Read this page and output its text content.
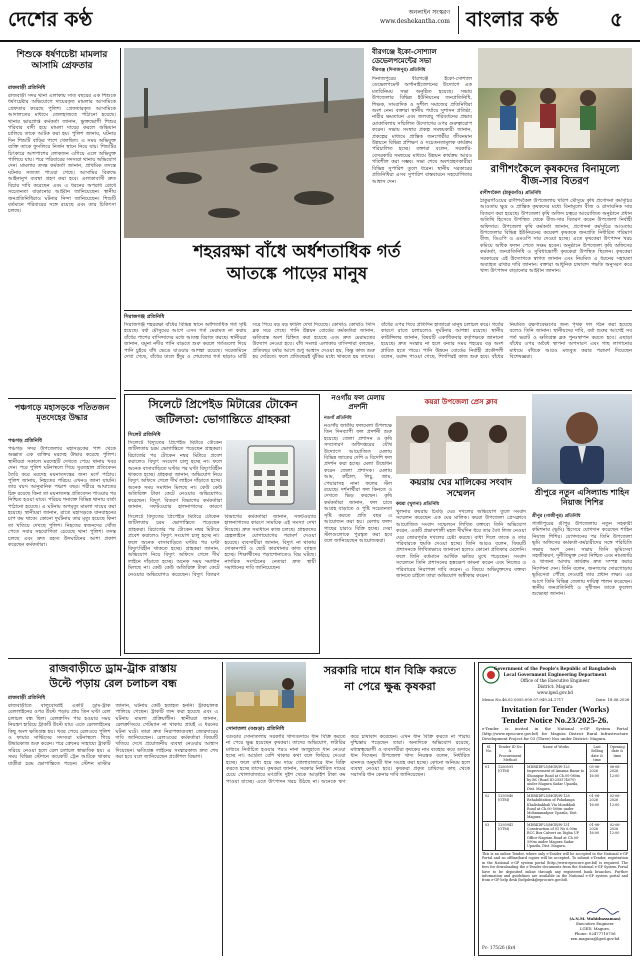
দেশের কণ্ঠ	অনলাইন সংস্করণ
www.deshekantha.com বাংলার কণ্ঠ	৫
শিশুকে ধর্ষণচেষ্টা মামলার আসামি গ্রেফতার
রাজবাড়ী প্রতিনিধি
রাজবাড়ী সদর থানা এলাকায় সাত বছরের এক শিশুকে ধর্ষণচেষ্টার অভিযোগে দায়েরকৃত মামলার আসামিকে গ্রেফতার করেছে পুলিশ। গ্রেফতারকৃত আসামিকে আদালতের মাধ্যমে জেলহাজতে পাঠানো হয়েছে। থানার ভারপ্রাপ্ত কর্মকর্তা জানান, ভুক্তভোগী শিশুর পরিবার বাদী হয়ে মামলা দায়ের করলে অভিযান চালিয়ে তাকে আটক করা হয়। পুলিশ জানায়, ঘটনার দিন শিশুটি বাড়ির পাশে খেলছিল। এ সময় অভিযুক্ত ব্যক্তি তাকে ফুসলিয়ে নির্জন স্থানে নিয়ে যায়। শিশুটির চিৎকারে আশপাশের লোকজন এগিয়ে এলে অভিযুক্ত পালিয়ে যায়। পরে পরিবারের সদস্যরা থানায় অভিযোগ দেন। মামলার তদন্ত কর্মকর্তা জানান, প্রাথমিক তদন্তে ঘটনার সত্যতা পাওয়া গেছে। আসামির বিরুদ্ধে আইনানুগ ব্যবস্থা গ্রহণ করা হবে। এলাকাবাসী দ্রুত বিচার দাবি করেছেন এবং এ ধরনের অপরাধ রোধে সচেতনতা বাড়ানোর আহ্বান জানিয়েছেন। স্থানীয় জনপ্রতিনিধিরাও ঘটনার নিন্দা জানিয়েছেন। শিশুটি বর্তমানে পরিবারের সঙ্গে রয়েছে এবং তার চিকিৎসা চলছে।
পঞ্চগড়ে মহাসড়কে পতিতজন মৃতদেহের উদ্ধার
পঞ্চগড় প্রতিনিধি
পঞ্চগড় সদর উপজেলার মহাসড়কের পাশ থেকে অজ্ঞাত এক ব্যক্তির মরদেহ উদ্ধার করেছে পুলিশ। স্থানীয়রা সকালে মরদেহটি দেখতে পেয়ে থানায় খবর দেন। পরে পুলিশ ঘটনাস্থলে গিয়ে সুরতহাল প্রতিবেদন তৈরি করে মরদেহ ময়নাতদন্তের জন্য মর্গে পাঠায়। পুলিশ জানায়, নিহতের পরিচয় এখনও জানা যায়নি। তার বয়স আনুমানিক পঞ্চাশ বছর। শরীরে আঘাতের চিহ্ন রয়েছে কিনা তা ময়নাতদন্ত প্রতিবেদন পাওয়ার পর নিশ্চিত হওয়া যাবে। পরিচয় শনাক্তে বিভিন্ন থানায় বার্তা পাঠানো হয়েছে। এ ঘটনায় অপমৃত্যু মামলা দায়ের করা হয়েছে। স্থানীয়রা জানান, রাতে মহাসড়কে যানবাহনের চাপ কম থাকে। কোনো দুর্ঘটনায় তার মৃত্যু হয়েছে কিনা তা খতিয়ে দেখছে পুলিশ। নিহতের স্বজনদের খোঁজ পেতে সবার সহযোগিতা চেয়েছে থানা পুলিশ। তদন্ত চলছে এবং দ্রুত রহস্য উদঘাটনের আশা প্রকাশ করেছেন কর্মকর্তারা।
বীরগঞ্জে ইকো-সোশ্যাল ডেভেলপমেন্টের সভা
বীরগঞ্জ (দিনাজপুর) প্রতিনিধি
দিনাজপুরের বীরগঞ্জে ইকো-সোশ্যাল ডেভেলপমেন্ট অর্গানাইজেশনের উদ্যোগে এক মতবিনিময় সভা অনুষ্ঠিত হয়েছে। সভায় উপজেলার বিভিন্ন ইউনিয়নের জনপ্রতিনিধি, শিক্ষক, সাংবাদিক ও সুশীল সমাজের প্রতিনিধিরা অংশ নেন। বক্তারা স্থানীয় পর্যায়ে সুশাসন প্রতিষ্ঠা, নারীর ক্ষমতায়ন এবং জলবায়ু পরিবর্তনের প্রভাব মোকাবিলায় সম্মিলিত উদ্যোগের ওপর গুরুত্বারোপ করেন। সভায় সংস্থার প্রকল্প সমন্বয়কারী জানান, প্রকল্পের মাধ্যমে প্রান্তিক জনগোষ্ঠীর জীবনমান উন্নয়নে বিভিন্ন প্রশিক্ষণ ও সচেতনতামূলক কার্যক্রম পরিচালিত হচ্ছে। বক্তারা বলেন, সরকারি-বেসরকারি সমন্বয়ের মাধ্যমে উন্নয়ন কার্যক্রম আরও গতিশীল করা সম্ভব। সভা শেষে অংশগ্রহণকারীরা বিভিন্ন সুপারিশ তুলে ধরেন। স্থানীয় সরকারের প্রতিনিধিরা এসব সুপারিশ বাস্তবায়নে সহযোগিতার আশ্বাস দেন।
রাণীশংকৈলে কৃষকদের বিনামূল্যে বীজ-সার বিতরণ
রাণীশংকৈল (ঠাকুরগাঁও) প্রতিনিধি
ঠাকুরগাঁওয়ের রাণীশংকৈল উপজেলায় খরিপ মৌসুমে কৃষি প্রণোদনা কর্মসূচির আওতায় ক্ষুদ্র ও প্রান্তিক কৃষকদের মধ্যে বিনামূল্যে বীজ ও রাসায়নিক সার বিতরণ করা হয়েছে। উপজেলা কৃষি অফিস চত্বরে আয়োজিত অনুষ্ঠানে প্রধান অতিথি হিসেবে উপস্থিত থেকে বীজ-সার বিতরণ করেন উপজেলা নির্বাহী অফিসার। উপজেলা কৃষি কর্মকর্তা জানান, প্রণোদনা কর্মসূচির আওতায় উপজেলার বিভিন্ন ইউনিয়নের কয়েকশ কৃষককে জনপ্রতি নির্ধারিত পরিমাণ বীজ, ডিএপি ও এমওপি সার দেওয়া হচ্ছে। এতে কৃষকেরা উৎপাদন খরচ কমিয়ে অধিক ফলন পেতে সক্ষম হবেন। অনুষ্ঠানে উপজেলা কৃষি অফিসের কর্মকর্তা, জনপ্রতিনিধি ও সুবিধাভোগী কৃষকেরা উপস্থিত ছিলেন। কৃষকেরা সরকারের এই উদ্যোগকে স্বাগত জানান এবং নিয়মিত এ ধরনের সহায়তা অব্যাহত রাখার দাবি জানান। বক্তারা আধুনিক চাষাবাদ পদ্ধতি অনুসরণ করে খাদ্য উৎপাদন বাড়ানোর আহ্বান জানান।
শহররক্ষা বাঁধে অর্ধশতাধিক গর্ত
আতঙ্কে পাড়ের মানুষ
সিরাজগঞ্জ প্রতিনিধি
সিরাজগঞ্জ শহররক্ষা বাঁধের বিভিন্ন স্থানে অর্ধশতাধিক গর্ত সৃষ্টি হয়েছে। বর্ষা মৌসুমের আগে এসব গর্ত মেরামত না করায় বাঁধের পাশের বাসিন্দাদের মধ্যে আতঙ্ক বিরাজ করছে। স্থানীয়রা জানান, যমুনা নদীর পানি বাড়তে শুরু করলে গর্তগুলো দিয়ে পানি চুইয়ে বাঁধ ভেঙে যাওয়ার আশঙ্কা রয়েছে। সরেজমিনে দেখা গেছে, বাঁধের ঢালে ইঁদুর ও শেয়ালের গর্ত ছাড়াও মাটি সরে গিয়ে বড় বড় ফাটল দেখা দিয়েছে। কোথাও কোথাও সিসি ব্লক সরে গেছে। পানি উন্নয়ন বোর্ডের কর্মকর্তারা জানান, ক্ষতিগ্রস্ত অংশ চিহ্নিত করা হয়েছে এবং দ্রুত মেরামতের উদ্যোগ নেওয়া হবে। বাঁধ সংলগ্ন এলাকার বাসিন্দারা বলছেন, প্রতিবছর বর্ষার আগে শুধু আশ্বাস দেওয়া হয়, কিন্তু কাজ শুরু হয় দেরিতে। ফলে প্রতিবছরই ঝুঁকির মধ্যে থাকতে হয় তাদের। বাঁধের ওপর দিয়ে প্রতিদিন হাজারো মানুষ চলাচল করে। গর্তের কারণে রাতে চলাচলেও দুর্ঘটনার আশঙ্কা রয়েছে। স্থানীয় কাউন্সিলর জানান, বিষয়টি একাধিকবার কর্তৃপক্ষকে জানানো হয়েছে। দ্রুত সংস্কার না হলে বন্যার সময় শহরের বড় অংশ প্লাবিত হতে পারে। পানি উন্নয়ন বোর্ডের নির্বাহী প্রকৌশলী বলেন, বরাদ্দ পাওয়া গেছে, শিগগিরই কাজ শুরু হবে। বাঁধের নিয়মিত রক্ষণাবেক্ষণের জন্য পৃথক দল গঠন করা হয়েছে বলেও তিনি জানান। স্থানীয়দের দাবি, বর্ষা শুরুর আগেই সব গর্ত ভরাট ও ক্ষতিগ্রস্ত ব্লক পুনঃস্থাপন করতে হবে। এছাড়া বাঁধের ওপর অবৈধ স্থাপনা অপসারণ এবং গাছ লাগানোর মাধ্যমে বাঁধকে আরও মজবুত করার পরামর্শ দিয়েছেন বিশেষজ্ঞরা।
সিলেটে প্রিপেইড মিটারের টোকেন
জটিলতা: ভোগান্তিতে গ্রাহকরা
সিলেট প্রতিনিধি
সিলেটে বিদ্যুতের প্রিপেইড মিটারে টোকেন জটিলতায় চরম ভোগান্তিতে পড়েছেন গ্রাহকরা। রিচার্জের পর টোকেন নম্বর মিটারে প্রবেশ করালেও বিদ্যুৎ সংযোগ চালু হচ্ছে না। ফলে অনেক বাসাবাড়িতে ঘণ্টার পর ঘণ্টা বিদ্যুৎবিহীন থাকতে হচ্ছে। গ্রাহকরা জানান, অভিযোগ নিয়ে বিদ্যুৎ অফিসে গেলে দীর্ঘ লাইনে দাঁড়াতে হচ্ছে। অনেক সময় সমাধান মিলছে না। কেউ কেউ অতিরিক্ত টাকা কেটে নেওয়ার অভিযোগও করেছেন। বিদ্যুৎ বিতরণ বিভাগের কর্মকর্তারা জানান, সফটওয়্যার হালনাগাদের কারণে
সিলেটে বিদ্যুতের প্রিপেইড মিটারে টোকেন জটিলতায় চরম ভোগান্তিতে পড়েছেন গ্রাহকরা। রিচার্জের পর টোকেন নম্বর মিটারে প্রবেশ করালেও বিদ্যুৎ সংযোগ চালু হচ্ছে না। ফলে অনেক বাসাবাড়িতে ঘণ্টার পর ঘণ্টা বিদ্যুৎবিহীন থাকতে হচ্ছে। গ্রাহকরা জানান, অভিযোগ নিয়ে বিদ্যুৎ অফিসে গেলে দীর্ঘ লাইনে দাঁড়াতে হচ্ছে। অনেক সময় সমাধান মিলছে না। কেউ কেউ অতিরিক্ত টাকা কেটে নেওয়ার অভিযোগও করেছেন। বিদ্যুৎ বিতরণ বিভাগের কর্মকর্তারা জানান, সফটওয়্যার হালনাগাদের কারণে সাময়িক এই সমস্যা দেখা দিয়েছে। দ্রুত সমাধানে কাজ চলছে। গ্রাহকদের হেল্পলাইনে যোগাযোগের পরামর্শ দেওয়া হয়েছে। ব্যবসায়ীরা জানান, বিদ্যুৎ না থাকায় দোকানপাট ও ছোট কারখানার কাজ ব্যাহত হচ্ছে। শিক্ষার্থীদের পড়াশোনাতেও বিঘ্ন ঘটছে। নাগরিক সংগঠনের নেতারা দ্রুত স্থায়ী সমাধানের দাবি জানিয়েছেন।
নওগাঁয় ফল মেলায় প্রদর্শনী
নওগাঁ প্রতিনিধি
নওগাঁয় জাতীয় ফলমেলা উপলক্ষে তিন দিনব্যাপী ফল প্রদর্শনী শুরু হয়েছে। জেলা প্রশাসন ও কৃষি সম্প্রসারণ অধিদপ্তরের যৌথ উদ্যোগে আয়োজিত মেলায় বিভিন্ন জাতের দেশি ও বিদেশি ফল প্রদর্শন করা হচ্ছে। মেলা উদ্বোধন করেন জেলা প্রশাসক। মেলায় আম, কাঁঠাল, লিচু, জাম, পেয়ারাসহ নানা ফলের স্টল রয়েছে। দর্শনার্থীরা ফল কিনতে ও দেখতে ভিড় করছেন। কৃষি কর্মকর্তারা জানান, ফল চাষে আগ্রহ বাড়াতে ও পুষ্টি সচেতনতা সৃষ্টি করতে প্রতি বছর এ আয়োজন করা হয়। মেলায় ফলদ গাছের চারাও বিক্রি হচ্ছে। সেরা স্টলগুলোকে পুরস্কৃত করা হবে বলে জানিয়েছেন আয়োজকরা।
কয়রা উপজেলা প্রেস ক্লাব
কয়রায় ঘের মালিকের সংবাদ সম্মেলন
কয়রা (খুলনা) প্রতিনিধি
খুলনার কয়রায় চিংড়ি ঘের দখলের অভিযোগ তুলে সংবাদ সম্মেলন করেছেন এক ঘের মালিক। কয়রা উপজেলা প্রেসক্লাবে আয়োজিত সংবাদ সম্মেলনে লিখিত বক্তব্যে তিনি অভিযোগ করেন, একটি প্রভাবশালী মহল দীর্ঘদিন ধরে তার বৈধ লিজ নেওয়া ঘের জোরপূর্বক দখলের চেষ্টা করছে। বাধা দিলে তাকে ও তার পরিবারকে হুমকি দেওয়া হচ্ছে। তিনি আরও বলেন, বিষয়টি প্রশাসনকে লিখিতভাবে জানানো হলেও কোনো প্রতিকার মেলেনি। ফলে তিনি বর্তমানে আর্থিক ক্ষতির মুখে পড়েছেন। সংবাদ সম্মেলনে তিনি প্রশাসনের হস্তক্ষেপ কামনা করেন এবং নিজের ও পরিবারের নিরাপত্তা দাবি করেন। এ বিষয়ে অভিযুক্তদের বক্তব্য জানতে চাইলে তারা অভিযোগ অস্বীকার করেন।
শ্রীপুরে নতুন এসিল্যান্ড শাহিন নিয়াজ শিশির
শ্রীপুর (গাজীপুর) প্রতিনিধি
গাজীপুরের শ্রীপুর উপজেলায় নতুন সহকারী কমিশনার (ভূমি) হিসেবে যোগদান করেছেন শাহিন নিয়াজ শিশির। যোগদানের পর তিনি উপজেলা ভূমি অফিসের কর্মকর্তা-কর্মচারীদের সঙ্গে পরিচিতি সভায় অংশ নেন। সভায় তিনি ভূমিসেবা সহজীকরণ, দুর্নীতিমুক্ত সেবা নিশ্চিত এবং নামজারি ও খাজনা আদায় কার্যক্রম দ্রুত সম্পন্ন করার নির্দেশনা দেন। তিনি বলেন, জনগণের দোরগোড়ায় ভূমিসেবা পৌঁছে দেওয়াই তার প্রধান লক্ষ্য। এর আগে তিনি বিভিন্ন জেলায় দায়িত্ব পালন করেছেন। স্থানীয় জনপ্রতিনিধি ও সুধীজন তাকে ফুলেল শুভেচ্ছা জানান।
রাজবাড়ীতে ড্রাম-ট্রাক রাস্তায়
উল্টে পড়ায় রেল চলাচল বন্ধ
রাজবাড়ী প্রতিনিধি
রাজবাড়ীতে বালুবোঝাই একটি ড্রাম-ট্রাক রেললাইনের ওপর উল্টে পড়ায় প্রায় তিন ঘণ্টা রেল চলাচল বন্ধ ছিল। রেলক্রসিং পার হওয়ার সময় নিয়ন্ত্রণ হারিয়ে ট্রাকটি উল্টে যায়। এতে রেললাইনের কিছু অংশ ক্ষতিগ্রস্ত হয়। খবর পেয়ে রেলওয়ে পুলিশ ও ফায়ার সার্ভিসের সদস্যরা ঘটনাস্থলে গিয়ে উদ্ধারকাজ শুরু করেন। পরে ক্রেনের সাহায্যে ট্রাকটি সরিয়ে নেওয়া হলে রেল চলাচল স্বাভাবিক হয়। এ সময় বিভিন্ন স্টেশনে কয়েকটি ট্রেন আটকে থাকায় যাত্রীরা চরম ভোগান্তিতে পড়েন। স্টেশন মাস্টার জানান, ঘটনায় কেউ হতাহত হননি। ট্রাকচালক পালিয়ে গেছেন। ট্রাকটি জব্দ করা হয়েছে এবং এ ঘটনায় মামলা প্রক্রিয়াধীন। স্থানীয়রা জানান, রেলক্রসিংয়ে গেটম্যান না থাকায় প্রায়ই এ ধরনের ঘটনা ঘটে। তারা দ্রুত নিরাপত্তাব্যবস্থা জোরদারের দাবি জানিয়েছেন। রেলওয়ের কর্মকর্তারা বিষয়টি খতিয়ে দেখে প্রয়োজনীয় ব্যবস্থা নেওয়ার আশ্বাস দিয়েছেন। ক্ষতিগ্রস্ত লাইনের সংস্কারকাজ দ্রুত শেষ করা হবে বলে জানিয়েছেন প্রকৌশল বিভাগ।
সরকারি দামে ধান বিক্রি করতে
না পেরে ক্ষুব্ধ কৃষকরা
সোনাতলা (বগুড়া) প্রতিনিধি
বগুড়ার সোনাতলায় সরকারি খাদ্যগুদামে ধান বিক্রি করতে না পেরে ক্ষুব্ধ হয়েছেন কৃষকরা। তাদের অভিযোগ, লটারির মাধ্যমে নির্বাচিত হওয়ার পরও নানা অজুহাতে ধান নেওয়া হচ্ছে না। আর্দ্রতা বেশি থাকার কথা বলে ফিরিয়ে দেওয়া হচ্ছে। ফলে বাধ্য হয়ে কম দামে খোলাবাজারে ধান বিক্রি করতে হচ্ছে তাদের। কৃষকরা জানান, সরকার নির্ধারিত দামের চেয়ে খোলাবাজারে মণপ্রতি দুইশ থেকে আড়াইশ টাকা কম পাওয়া যাচ্ছে। এতে উৎপাদন খরচ উঠছে না। অনেকে ঋণ করে চাষাবাদ করেছেন। এখন ধান বিক্রি করতে না পারায় দুশ্চিন্তায় পড়েছেন তারা। অন্যদিকে অভিযোগ রয়েছে, মধ্যস্বত্বভোগী ও ব্যবসায়ীরা কৃষকের নাম ব্যবহার করে গুদামে ধান দিচ্ছেন। উপজেলা খাদ্য নিয়ন্ত্রক বলেন, নির্ধারিত মানদণ্ড অনুযায়ী ধান সংগ্রহ করা হচ্ছে। কোনো অনিয়ম হলে ব্যবস্থা নেওয়া হবে। কৃষকরা প্রকৃত চাষিদের কাছ থেকে সরাসরি ধান কেনার দাবি জানিয়েছেন।
Government of the People's Republic of Bangladesh
Local Government Engineering Department
Office of the Executive Engineer
District: Magura
www.lged.gov.bd
Memo No.46.02.0055.000.07.949.24.1717	Date: 18.06.2026
Invitation for Tender (Works)
Tender Notice No.23/2025-26.
e-Tender is invited in the National e-GP System Portal (http://www.eprocure.gov.bd) for Magura District Rural Infrastructure Development Project for 03 (Three) Nos under District: Magura.
Sl. No.	Tender ID No & Procurement Method	Name of Works	Last Selling date & time	Opening date & time
01	1260591 (OTM)	MDRIIDP25/MGR/W-125 Improvement of Amama Bazar to Shoanpur Road at Ch.00-080m by BC (Road ID:255574070) under Magura Sadar Upazila, Dist. Magura.	05-06-2026 16:00	06-06-2026 12:00
02	1293940 (OTM)	MDRIIDP25/MGR/W-128 Rehabilitation of Poladanga Khalishakhali Via Monikhali Road at Ch.00-500m under Mohammadpur Upazila, Dist. Magura.	01-06-2026 16:00	02-06-2026 12:00
03	1293941 (OTM)	MDRIIDP25/MGR/W-131 Construction of 01 No 6.00m RCC Box Culvert on Digha UP Office-Nagrian Road at Ch.00-590m under Magura Sadar Upazila, Dist. Magura.	01-06-2026 16:00	02-06-2026 12:00
This is an online Tender, where only e-Tender will be accepted in the National e-GP Portal and no offline/hard copies will be accepted. To submit e-Tender, registration in the National e-GP system portal (http://www.eprocure.gov.bd) is required. The fees for downloading the e-Tender documents from the National e-GP System Portal have to be deposited online through any registered bank branches. Further information and guidelines are available in the National e-GP system portal and from e-GP help desk (helpdesk@eprocure.gov.bd).
(A.N.M. Wahiduzzaman)
Executive Engineer
LGED, Magura.
Phone: 02477710736
xen.magura@lged.gov.bd
Pc- 175/26 (6x4
